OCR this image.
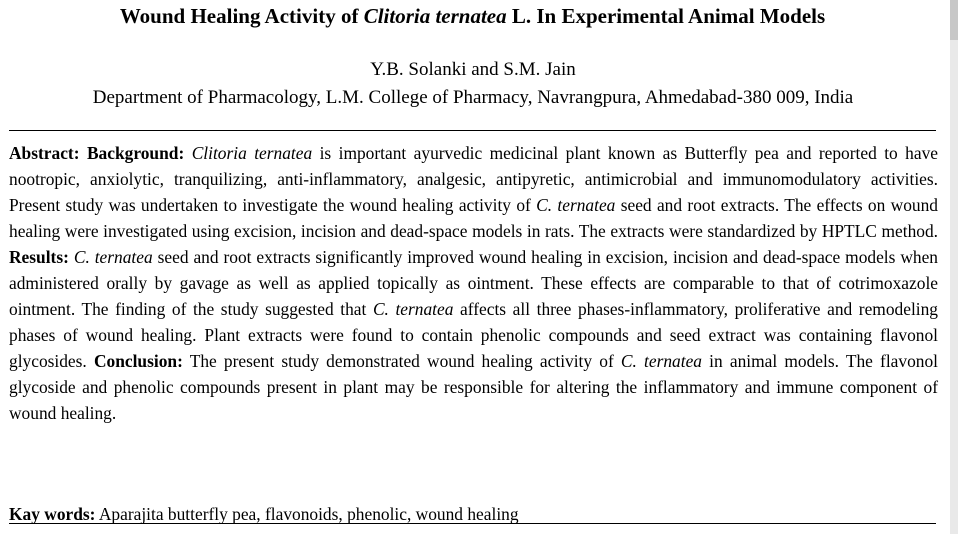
Wound Healing Activity of Clitoria ternatea L. In Experimental Animal Models
Y.B. Solanki and S.M. Jain
Department of Pharmacology, L.M. College of Pharmacy, Navrangpura, Ahmedabad-380 009, India
Abstract: Background: Clitoria ternatea is important ayurvedic medicinal plant known as Butterfly pea and reported to have nootropic, anxiolytic, tranquilizing, anti-inflammatory, analgesic, antipyretic, antimicrobial and immunomodulatory activities. Present study was undertaken to investigate the wound healing activity of C. ternatea seed and root extracts. The effects on wound healing were investigated using excision, incision and dead-space models in rats. The extracts were standardized by HPTLC method. Results: C. ternatea seed and root extracts significantly improved wound healing in excision, incision and dead-space models when administered orally by gavage as well as applied topically as ointment. These effects are comparable to that of cotrimoxazole ointment. The finding of the study suggested that C. ternatea affects all three phases-inflammatory, proliferative and remodeling phases of wound healing. Plant extracts were found to contain phenolic compounds and seed extract was containing flavonol glycosides. Conclusion: The present study demonstrated wound healing activity of C. ternatea in animal models. The flavonol glycoside and phenolic compounds present in plant may be responsible for altering the inflammatory and immune component of wound healing.
Kay words: Aparajita butterfly pea, flavonoids, phenolic, wound healing
